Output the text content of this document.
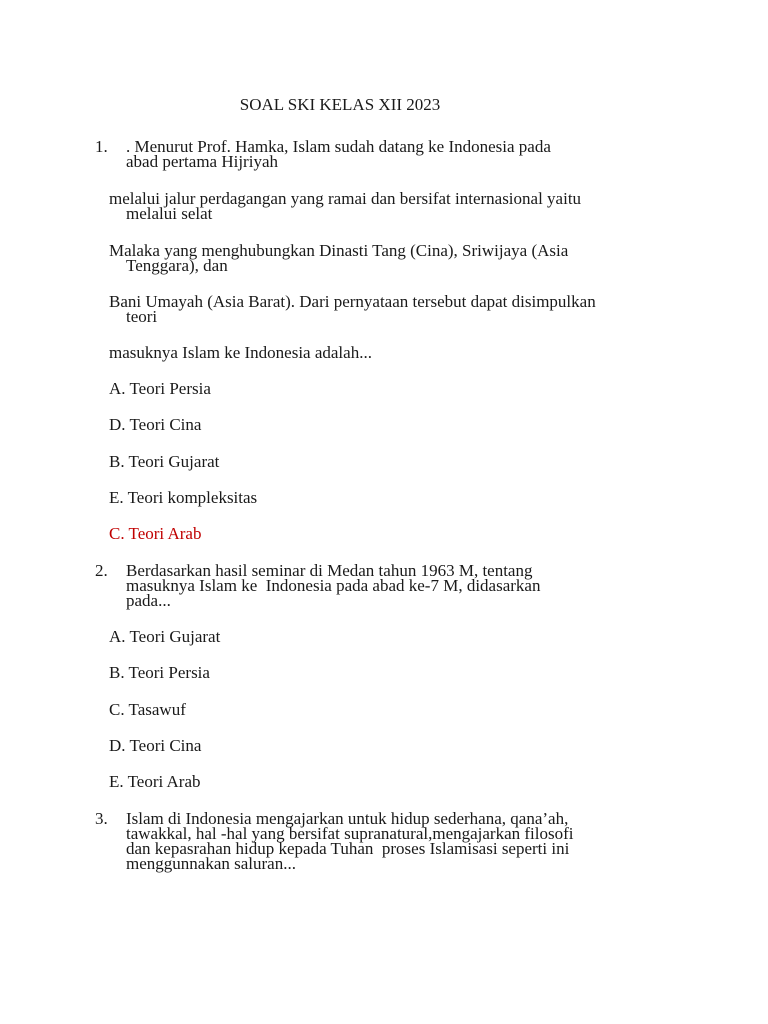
SOAL SKI KELAS XII 2023
1. . Menurut Prof. Hamka, Islam sudah datang ke Indonesia pada abad pertama Hijriyah
melalui jalur perdagangan yang ramai dan bersifat internasional yaitu melalui selat
Malaka yang menghubungkan Dinasti Tang (Cina), Sriwijaya (Asia Tenggara), dan
Bani Umayah (Asia Barat). Dari pernyataan tersebut dapat disimpulkan teori
masuknya Islam ke Indonesia adalah...
A. Teori Persia
D. Teori Cina
B. Teori Gujarat
E. Teori kompleksitas
C. Teori Arab
2. Berdasarkan hasil seminar di Medan tahun 1963 M, tentang masuknya Islam ke  Indonesia pada abad ke-7 M, didasarkan pada...
A. Teori Gujarat
B. Teori Persia
C. Tasawuf
D. Teori Cina
E. Teori Arab
3. Islam di Indonesia mengajarkan untuk hidup sederhana, qana’ah, tawakkal, hal -hal yang bersifat supranatural,mengajarkan filosofi dan kepasrahan hidup kepada Tuhan  proses Islamisasi seperti ini menggunnakan saluran...
